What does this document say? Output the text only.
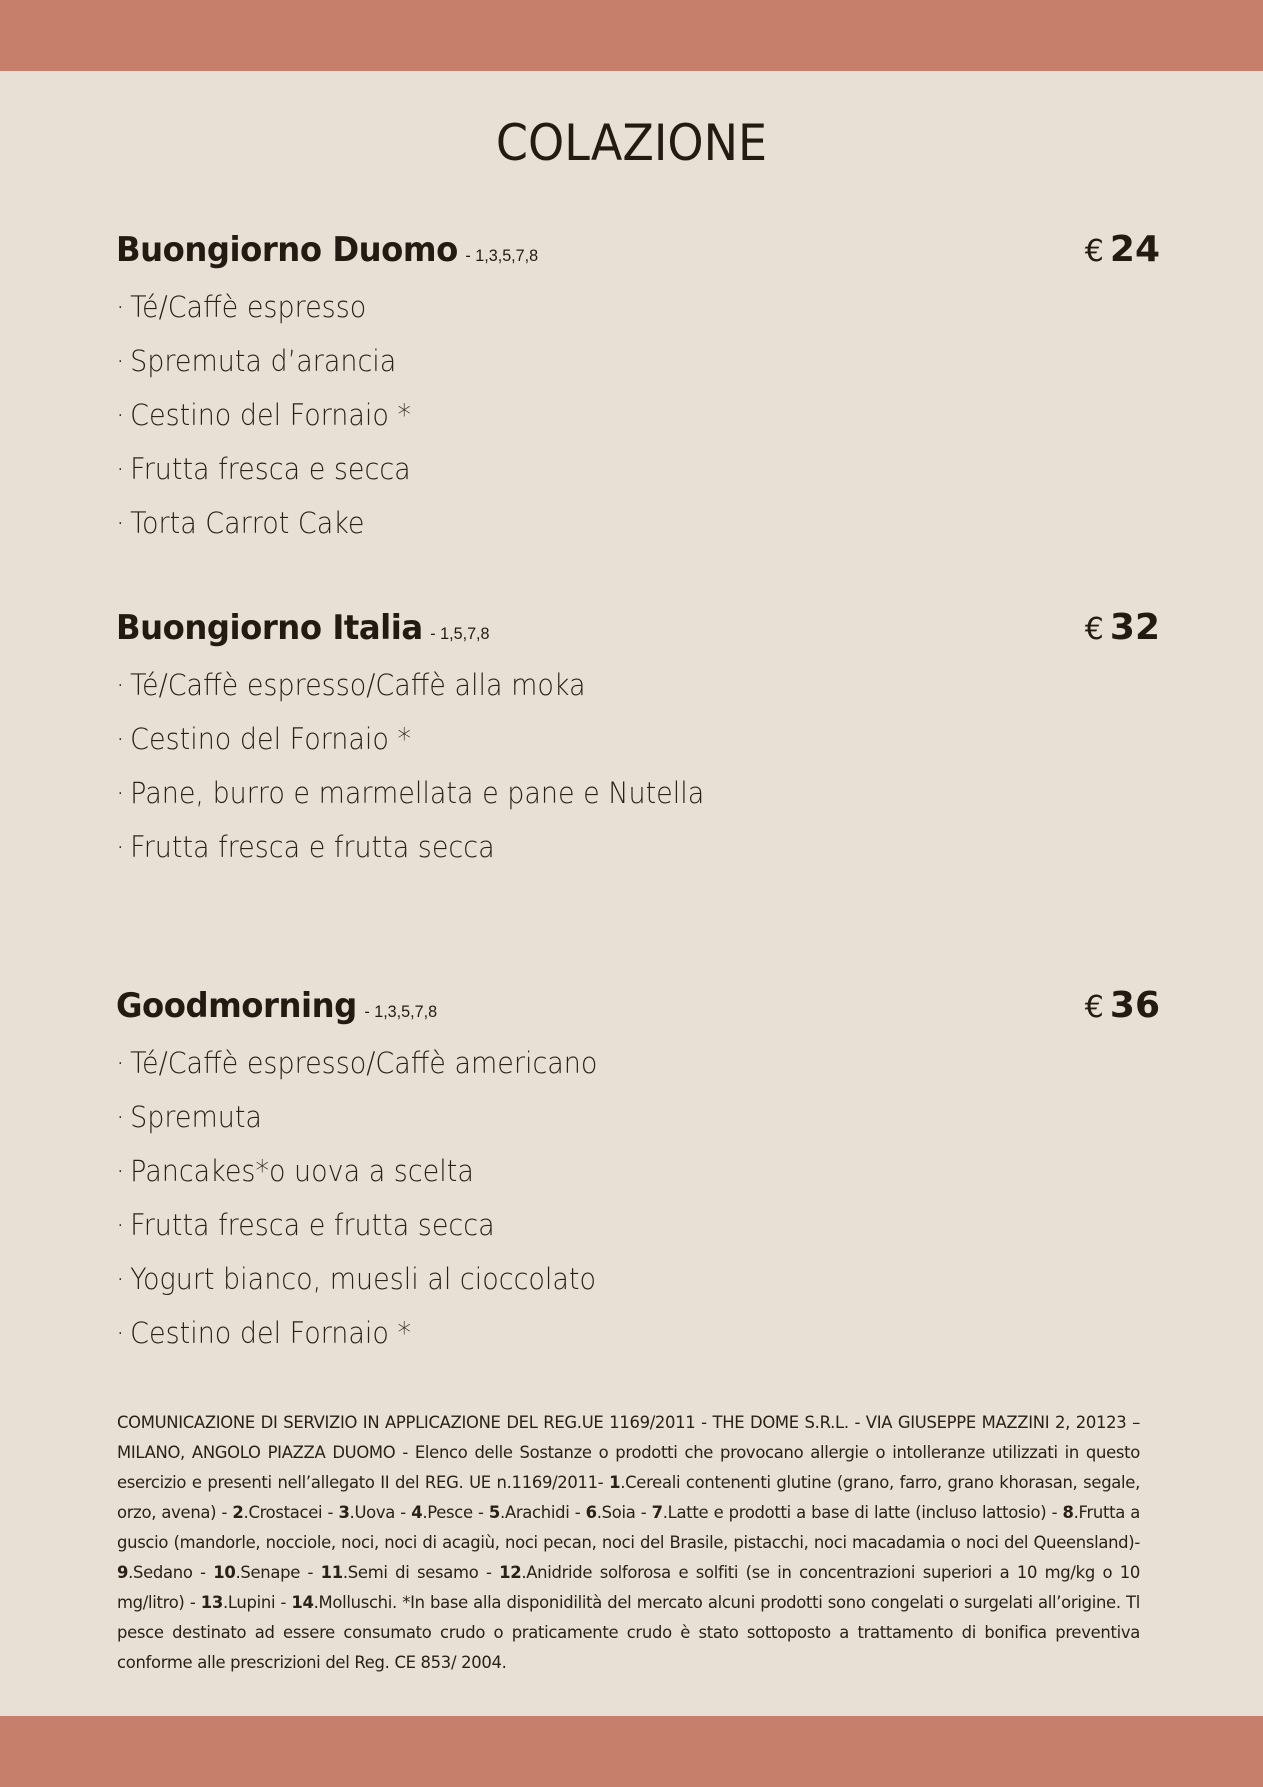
COLAZIONE
Buongiorno Duomo - 1,3,5,7,8	€ 24
· Té/Caffè espresso
· Spremuta d’arancia
· Cestino del Fornaio *
· Frutta fresca e secca
· Torta Carrot Cake
Buongiorno Italia - 1,5,7,8	€ 32
· Té/Caffè espresso/Caffè alla moka
· Cestino del Fornaio *
· Pane, burro e marmellata e pane e Nutella
· Frutta fresca e frutta secca
Goodmorning - 1,3,5,7,8	€ 36
· Té/Caffè espresso/Caffè americano
· Spremuta
· Pancakes*o uova a scelta
· Frutta fresca e frutta secca
· Yogurt bianco, muesli al cioccolato
· Cestino del Fornaio *
COMUNICAZIONE DI SERVIZIO IN APPLICAZIONE DEL REG.UE 1169/2011 - THE DOME S.R.L. - VIA GIUSEPPE MAZZINI 2, 20123 – MILANO, ANGOLO PIAZZA DUOMO - Elenco delle Sostanze o prodotti che provocano allergie o intolleranze utilizzati in questo esercizio e presenti nell’allegato II del REG. UE n.1169/2011- 1.Cereali contenenti glutine (grano, farro, grano khorasan, segale, orzo, avena) - 2.Crostacei - 3.Uova - 4.Pesce - 5.Arachidi - 6.Soia - 7.Latte e prodotti a base di latte (incluso lattosio) - 8.Frutta a guscio (mandorle, nocciole, noci, noci di acagiù, noci pecan, noci del Brasile, pistacchi, noci macadamia o noci del Queensland)- 9.Sedano - 10.Senape - 11.Semi di sesamo - 12.Anidride solforosa e solfiti (se in concentrazioni superiori a 10 mg/kg o 10 mg/litro) - 13.Lupini - 14.Molluschi. *In base alla disponidilità del mercato alcuni prodotti sono congelati o surgelati all’origine. Tl pesce destinato ad essere consumato crudo o praticamente crudo è stato sottoposto a trattamento di bonifica preventiva conforme alle prescrizioni del Reg. CE 853/ 2004.
